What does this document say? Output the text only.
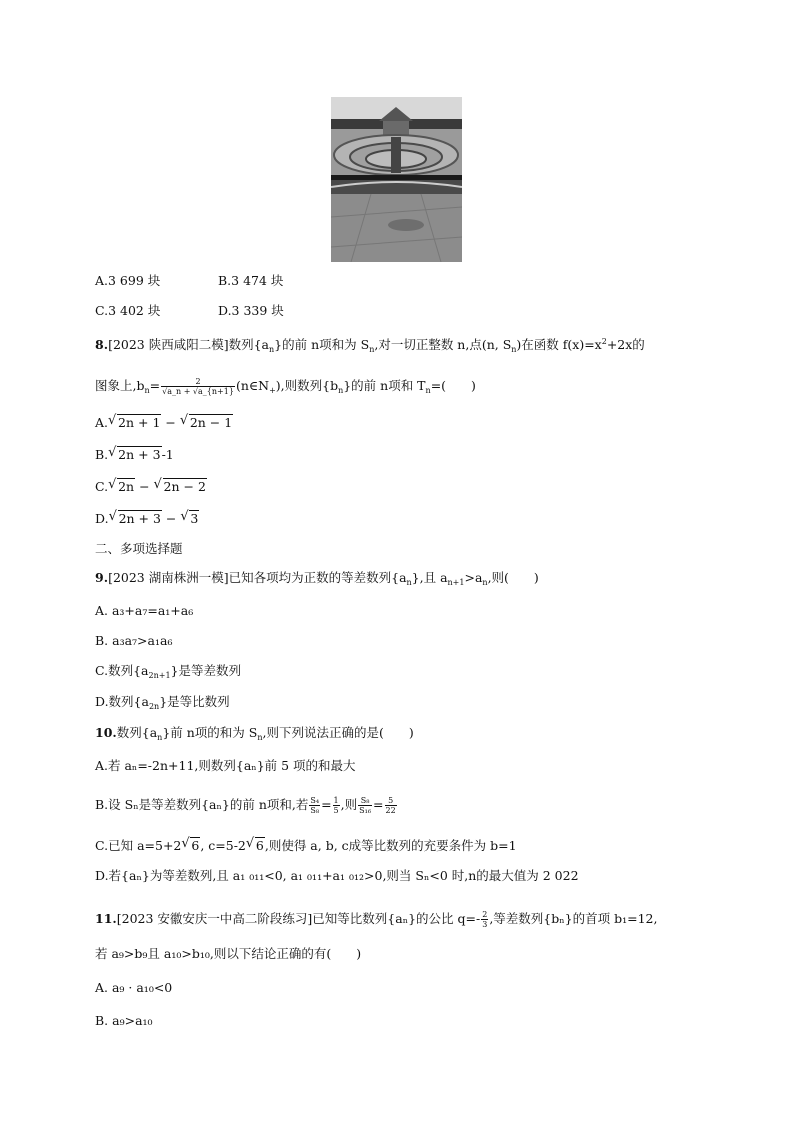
A.3 699 块	B.3 474 块
C.3 402 块	D.3 339 块
8.[2023 陕西咸阳二模]数列$\{a_n\}$的前 n项和为 $S_n$,对一切正整数 n,点(n, $S_n$)在函数 $f(x)=x^2+2x$的
图象上$,b_n= \frac{2}{√a\_n + √a\_\{n+1\}}$ $(n\in N_+)$,则数列$\{b_n\}$的前 n项和 $T_n=$(　　)
A. √ 2n + 1 − √ 2n − 1
B. √ 2n + 3-1
C. √ 2n − √ 2n − 2
D. √ 2n + 3 − √ 3
二、多项选择题
9.[2023 湖南株洲一模]已知各项均为正数的等差数列$\{a_n\}$,且 $a_{n+1}>a_n$,则(　　)
A. a₃+a₇=a₁+a₆
B. a₃a₇>a₁a₆
C.数列$\{a_{2n+1}\}$是等差数列
D.数列$\{a_{2n}\}$是等比数列
10.数列$\{a_n\}$前 n项的和为 $S_n$,则下列说法正确的是(　　)
A.若 aₙ=-2n+11,则数列{aₙ}前 5 项的和最大
B.设 Sₙ是等差数列{aₙ}的前 n项和,若 $\frac{\text{S₄}}{\text{S₈}} = \frac{1}{5}$ ,则 $\frac{\text{S₈}}{\text{S₁₆}} = \frac{5}{22}$
C.已知 a=5+2 √ 6, c=5-2 √ 6,则使得 a, b, c成等比数列的充要条件为 b=1
D.若{aₙ}为等差数列,且 a₁ ₀₁₁<0, a₁ ₀₁₁+a₁ ₀₁₂>0,则当 Sₙ<0 时,n的最大值为 2 022
11.[2023 安徽安庆一中高二阶段练习]已知等比数列{aₙ}的公比 $q=- \frac{2}{3}$ ,等差数列{bₙ}的首项 b₁=12,
若 a₉>b₉且 a₁₀>b₁₀,则以下结论正确的有(　　)
A. a₉ · a₁₀<0
B. a₉>a₁₀
